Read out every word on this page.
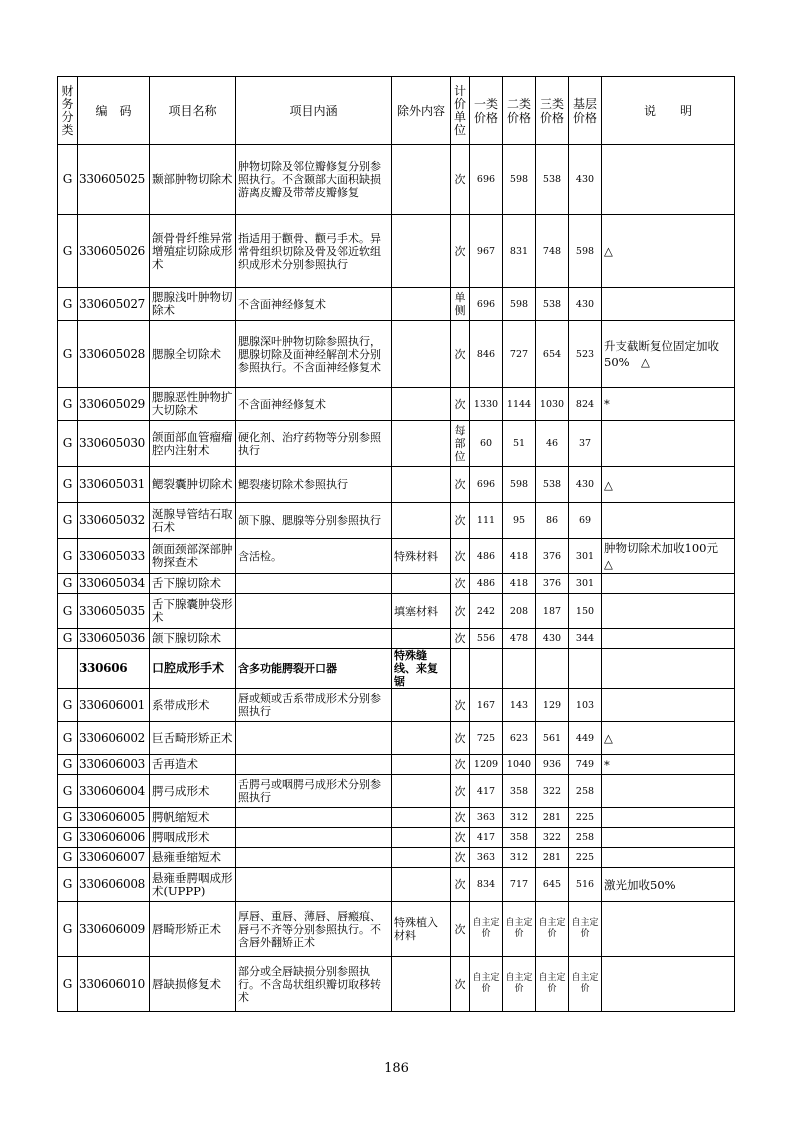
财务分类	编　码	项目名称	项目内涵	除外内容	计价单位	一类价格	二类价格	三类价格	基层价格	说　　明
G	330605025	颞部肿物切除术	肿物切除及邻位瓣修复分别参照执行。不含颞部大面积缺损游离皮瓣及带蒂皮瓣修复		次	696	598	538	430	
G	330605026	颌骨骨纤维异常增殖症切除成形术	指适用于颧骨、颧弓手术。异常骨组织切除及骨及邻近软组织成形术分别参照执行		次	967	831	748	598	△
G	330605027	腮腺浅叶肿物切除术	不含面神经修复术		单侧	696	598	538	430	
G	330605028	腮腺全切除术	腮腺深叶肿物切除参照执行，腮腺切除及面神经解剖术分别参照执行。不含面神经修复术		次	846	727	654	523	升支截断复位固定加收50%　△
G	330605029	腮腺恶性肿物扩大切除术	不含面神经修复术		次	1330	1144	1030	824	*
G	330605030	颌面部血管瘤瘤腔内注射术	硬化剂、治疗药物等分别参照执行		每部位	60	51	46	37	
G	330605031	鳃裂囊肿切除术	鳃裂瘘切除术参照执行		次	696	598	538	430	△
G	330605032	涎腺导管结石取石术	颌下腺、腮腺等分别参照执行		次	111	95	86	69	
G	330605033	颌面颈部深部肿物探查术	含活检。	特殊材料	次	486	418	376	301	肿物切除术加收100元　△
G	330605034	舌下腺切除术			次	486	418	376	301	
G	330605035	舌下腺囊肿袋形术		填塞材料	次	242	208	187	150	
G	330605036	颌下腺切除术			次	556	478	430	344	
	330606	口腔成形手术	含多功能腭裂开口器	特殊缝线、来复锯						
G	330606001	系带成形术	唇或颊或舌系带成形术分别参照执行		次	167	143	129	103	
G	330606002	巨舌畸形矫正术			次	725	623	561	449	△
G	330606003	舌再造术			次	1209	1040	936	749	*
G	330606004	腭弓成形术	舌腭弓或咽腭弓成形术分别参照执行		次	417	358	322	258	
G	330606005	腭帆缩短术			次	363	312	281	225	
G	330606006	腭咽成形术			次	417	358	322	258	
G	330606007	悬雍垂缩短术			次	363	312	281	225	
G	330606008	悬雍垂腭咽成形术(UPPP)			次	834	717	645	516	激光加收50%
G	330606009	唇畸形矫正术	厚唇、重唇、薄唇、唇瘢痕、唇弓不齐等分别参照执行。不含唇外翻矫正术	特殊植入材料	次	自主定价	自主定价	自主定价	自主定价	
G	330606010	唇缺损修复术	部分或全唇缺损分别参照执行。不含岛状组织瓣切取移转术		次	自主定价	自主定价	自主定价	自主定价	
186
